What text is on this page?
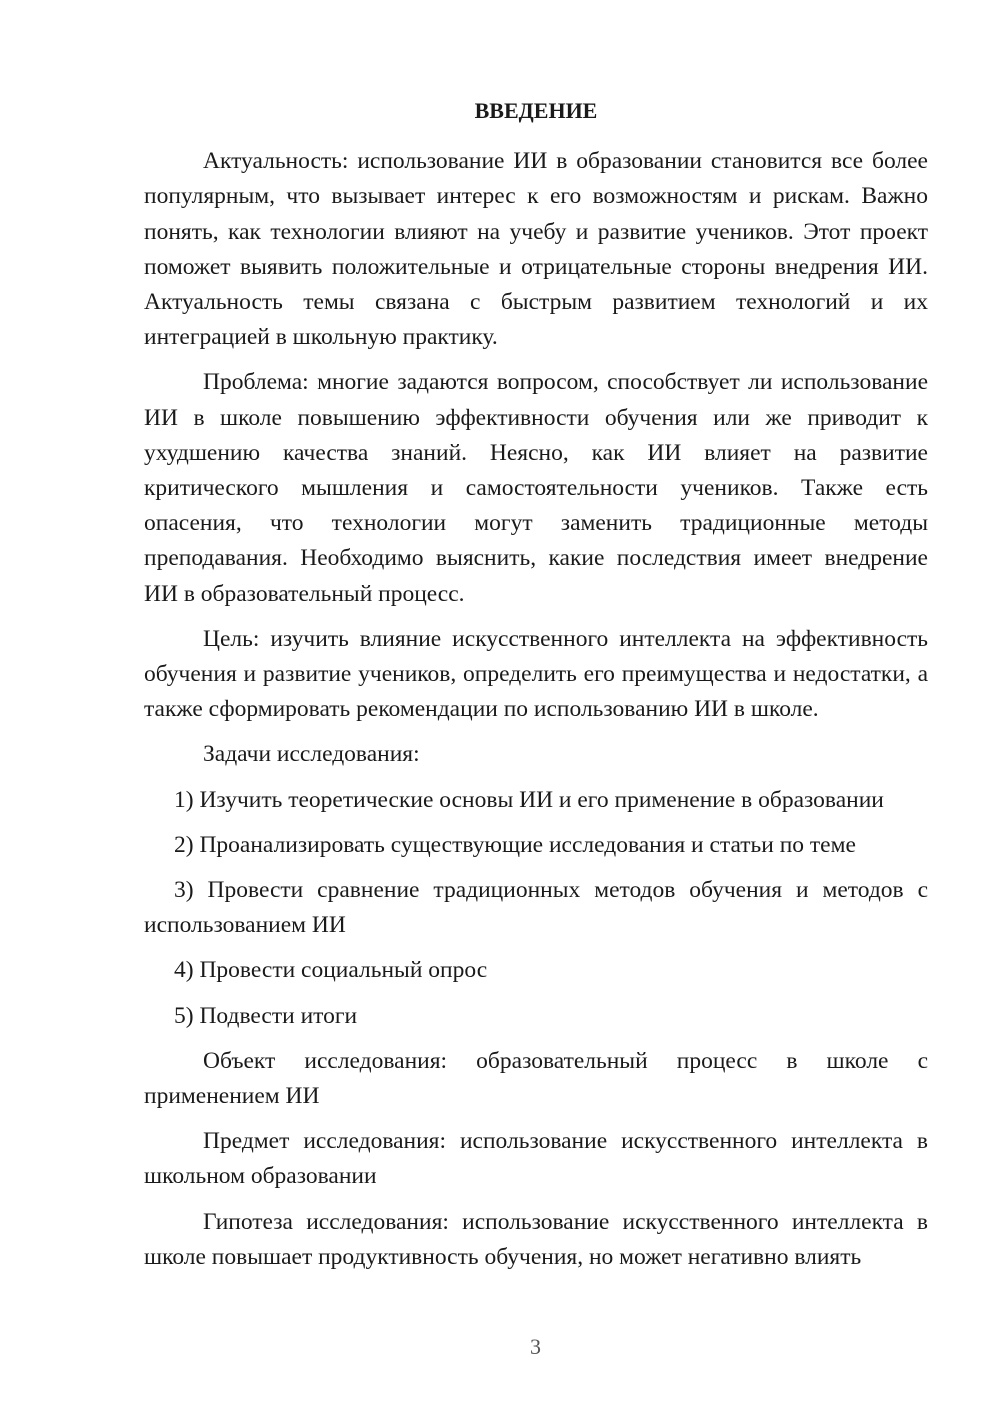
ВВЕДЕНИЕ

Актуальность: использование ИИ в образовании становится все более популярным, что вызывает интерес к его возможностям и рискам. Важно понять, как технологии влияют на учебу и развитие учеников. Этот проект поможет выявить положительные и отрицательные стороны внедрения ИИ. Актуальность темы связана с быстрым развитием технологий и их интеграцией в школьную практику.

Проблема: многие задаются вопросом, способствует ли использование ИИ в школе повышению эффективности обучения или же приводит к ухудшению качества знаний. Неясно, как ИИ влияет на развитие критического мышления и самостоятельности учеников. Также есть опасения, что технологии могут заменить традиционные методы преподавания. Необходимо выяснить, какие последствия имеет внедрение ИИ в образовательный процесс.

Цель: изучить влияние искусственного интеллекта на эффективность обучения и развитие учеников, определить его преимущества и недостатки, а также сформировать рекомендации по использованию ИИ в школе.

Задачи исследования:

1) Изучить теоретические основы ИИ и его применение в образовании

2) Проанализировать существующие исследования и статьи по теме

3) Провести сравнение традиционных методов обучения и методов с использованием ИИ

4) Провести социальный опрос

5) Подвести итоги

Объект исследования: образовательный процесс в школе с применением ИИ

Предмет исследования: использование искусственного интеллекта в школьном образовании

Гипотеза исследования: использование искусственного интеллекта в школе повышает продуктивность обучения, но может негативно влиять

3
